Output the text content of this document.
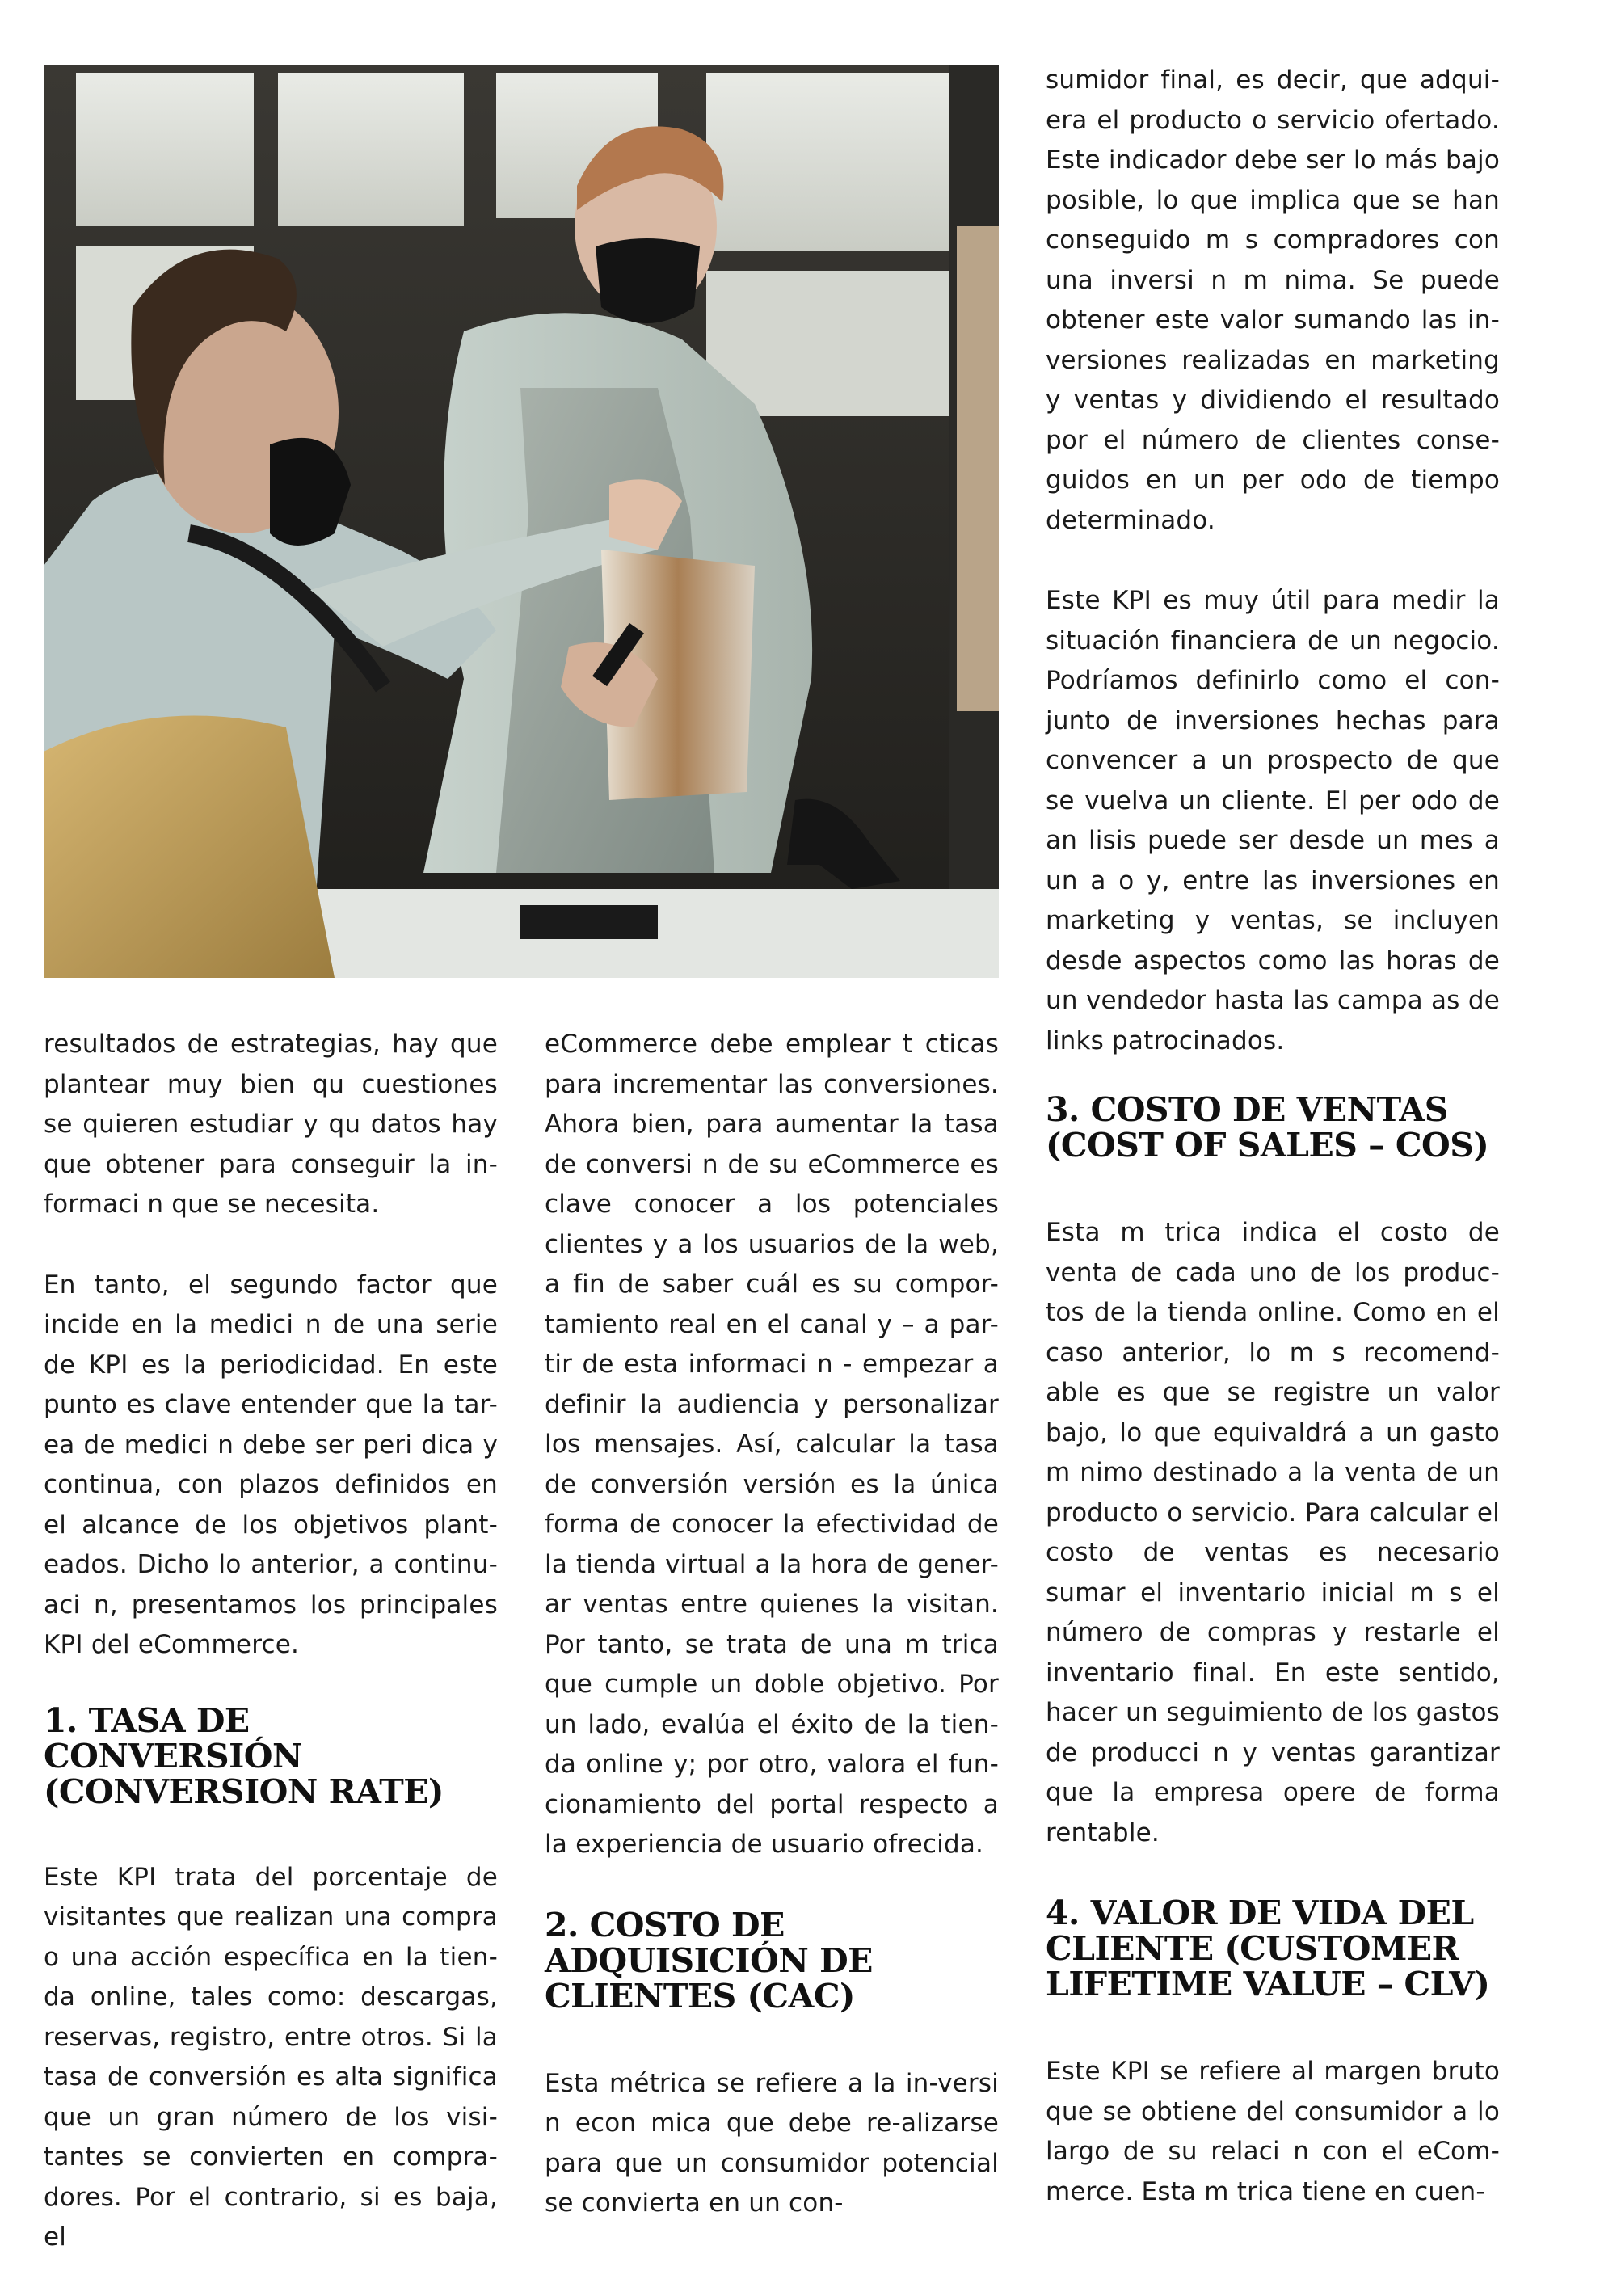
resultados de estrategias, hay que plantear muy bien qu cuestiones se quieren estudiar y qu datos hay que obtener para conseguir la in-formaci n que se necesita.

En tanto, el segundo factor que incide en la medici n de una serie de KPI es la periodicidad. En este punto es clave entender que la tar-ea de medici n debe ser peri dica y continua, con plazos definidos en el alcance de los objetivos plant-eados. Dicho lo anterior, a continu-aci n, presentamos los principales KPI del eCommerce.

1. TASA DE CONVERSIÓN (CONVERSION RATE)

Este KPI trata del porcentaje de visitantes que realizan una compra o una acción específica en la tien-da online, tales como: descargas, reservas, registro, entre otros. Si la tasa de conversión es alta significa que un gran número de los visi-tantes se convierten en compra-dores. Por el contrario, si es baja, el

eCommerce debe emplear t cticas para incrementar las conversiones. Ahora bien, para aumentar la tasa de conversi n de su eCommerce es clave conocer a los potenciales clientes y a los usuarios de la web, a fin de saber cuál es su compor-tamiento real en el canal y – a par-tir de esta informaci n - empezar a definir la audiencia y personalizar los mensajes. Así, calcular la tasa de conversión versión es la única forma de conocer la efectividad de la tienda virtual a la hora de gener-ar ventas entre quienes la visitan. Por tanto, se trata de una m trica que cumple un doble objetivo. Por un lado, evalúa el éxito de la tien-da online y; por otro, valora el fun-cionamiento del portal respecto a la experiencia de usuario ofrecida.

2. COSTO DE ADQUISICIÓN DE CLIENTES (CAC)

Esta métrica se refiere a la in-versi n econ mica que debe re-alizarse para que un consumidor potencial se convierta en un con-

sumidor final, es decir, que adqui-era el producto o servicio ofertado. Este indicador debe ser lo más bajo posible, lo que implica que se han conseguido m s compradores con una inversi n m nima. Se puede obtener este valor sumando las in-versiones realizadas en marketing y ventas y dividiendo el resultado por el número de clientes conse-guidos en un per odo de tiempo determinado.

Este KPI es muy útil para medir la situación financiera de un negocio. Podríamos definirlo como el con-junto de inversiones hechas para convencer a un prospecto de que se vuelva un cliente. El per odo de an lisis puede ser desde un mes a un a o y, entre las inversiones en marketing y ventas, se incluyen desde aspectos como las horas de un vendedor hasta las campa as de links patrocinados.

3. COSTO DE VENTAS (COST OF SALES – COS)

Esta m trica indica el costo de venta de cada uno de los produc-tos de la tienda online. Como en el caso anterior, lo m s recomend-able es que se registre un valor bajo, lo que equivaldrá a un gasto m nimo destinado a la venta de un producto o servicio. Para calcular el costo de ventas es necesario sumar el inventario inicial m s el número de compras y restarle el inventario final. En este sentido, hacer un seguimiento de los gastos de producci n y ventas garantizar que la empresa opere de forma rentable.

4. VALOR DE VIDA DEL CLIENTE (CUSTOMER LIFETIME VALUE – CLV)

Este KPI se refiere al margen bruto que se obtiene del consumidor a lo largo de su relaci n con el eCom-merce. Esta m trica tiene en cuen-
